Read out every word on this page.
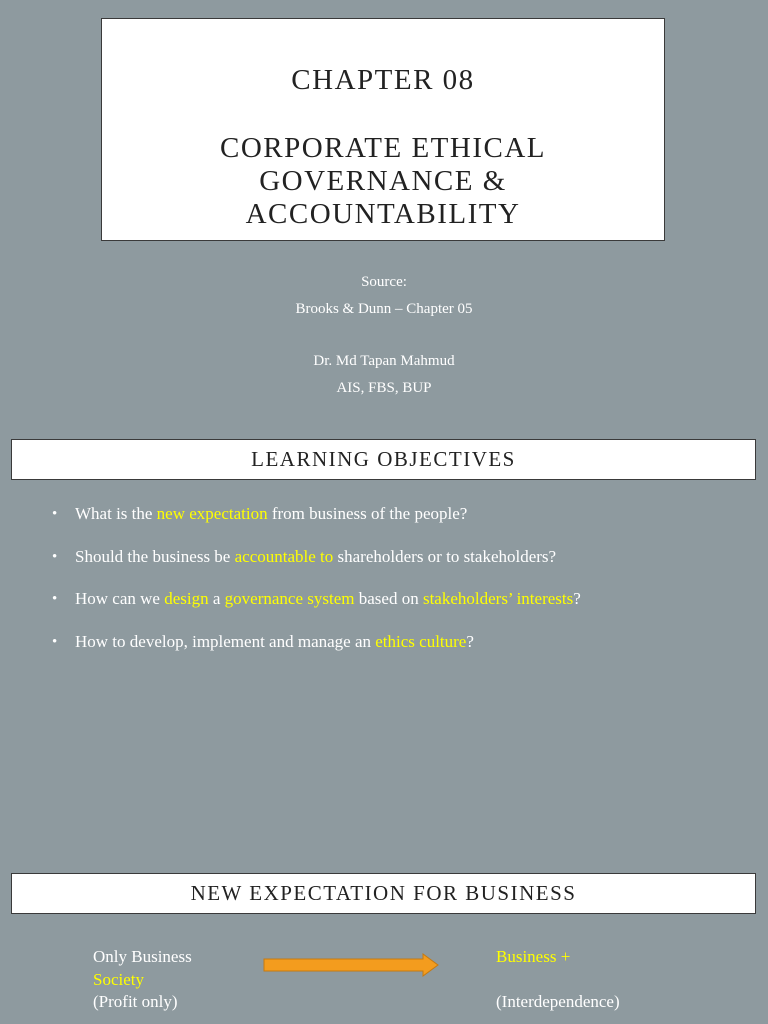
CHAPTER 08
CORPORATE ETHICAL
GOVERNANCE &
ACCOUNTABILITY
Source:
Brooks & Dunn – Chapter 05
Dr. Md Tapan Mahmud
AIS, FBS, BUP
LEARNING OBJECTIVES
• What is the new expectation from business of the people?
• Should the business be accountable to shareholders or to stakeholders?
• How can we design a governance system based on stakeholders’ interests?
• How to develop, implement and manage an ethics culture?
NEW EXPECTATION FOR BUSINESS
Only Business
Society
(Profit only)
Business +
(Interdependence)
